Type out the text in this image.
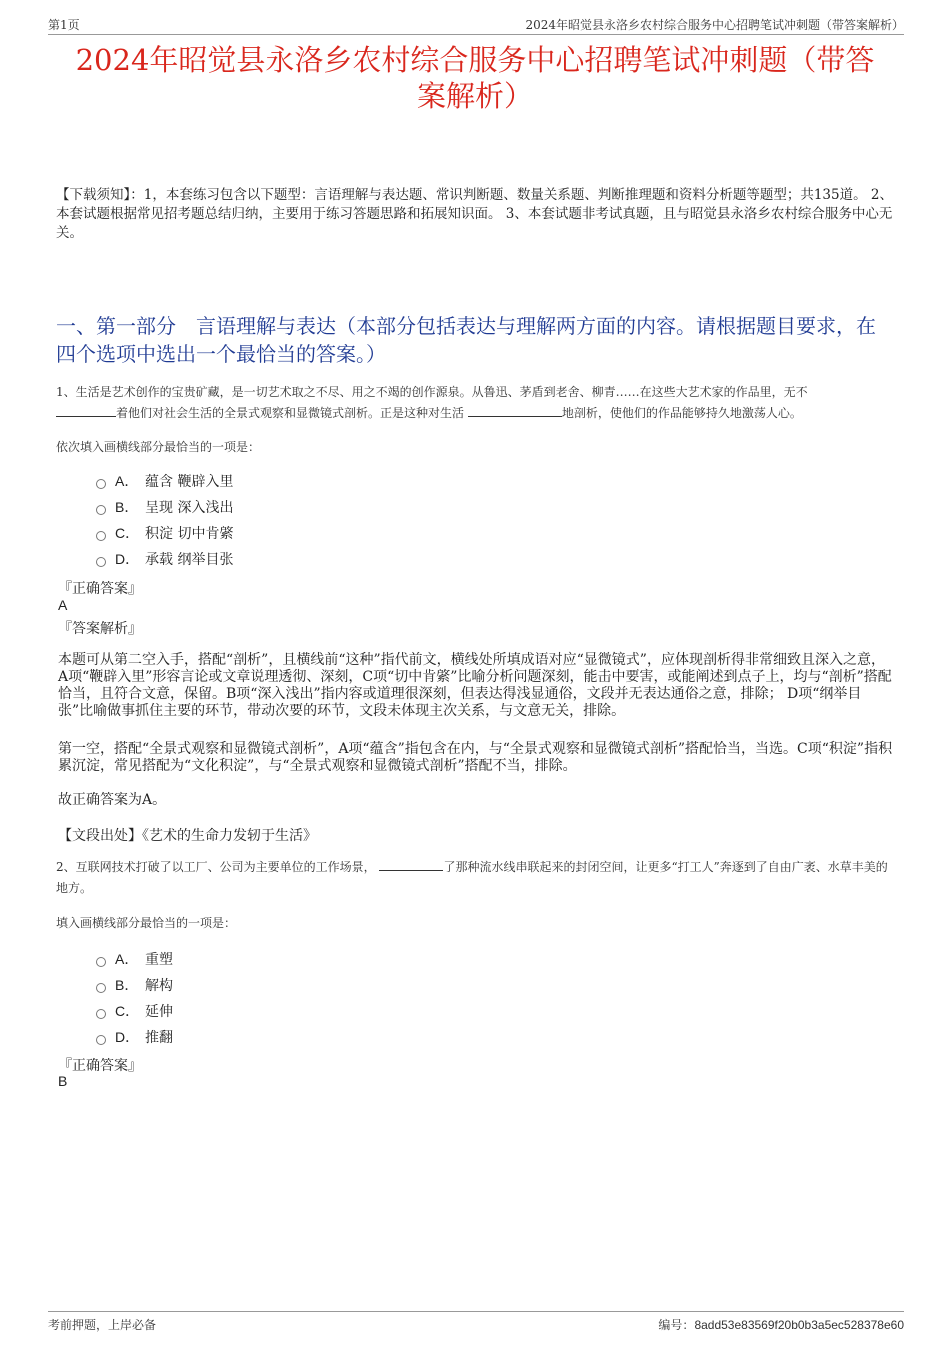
第1页	2024年昭觉县永洛乡农村综合服务中心招聘笔试冲刺题（带答案解析）
2024年昭觉县永洛乡农村综合服务中心招聘笔试冲刺题（带答
案解析）
【下载须知】：1，本套练习包含以下题型：言语理解与表达题、常识判断题、数量关系题、判断推理题和资料分析题等题型；共135道。 2、本套试题根据常见招考题总结归纳，主要用于练习答题思路和拓展知识面。 3、本套试题非考试真题，且与昭觉县永洛乡农村综合服务中心无关。
一、第一部分　言语理解与表达（本部分包括表达与理解两方面的内容。请根据题目要求，在四个选项中选出一个最恰当的答案。）
1、生活是艺术创作的宝贵矿藏，是一切艺术取之不尽、用之不竭的创作源泉。从鲁迅、茅盾到老舍、柳青……在这些大艺术家的作品里，无不
着他们对社会生活的全景式观察和显微镜式剖析。正是这种对生活	地剖析，使他们的作品能够持久地激荡人心。
依次填入画横线部分最恰当的一项是：
A． 蕴含 鞭辟入里
B． 呈现 深入浅出
C． 积淀 切中肯綮
D． 承载 纲举目张
『正确答案』
A
『答案解析』
本题可从第二空入手，搭配“剖析”，且横线前“这种”指代前文，横线处所填成语对应“显微镜式”，应体现剖析得非常细致且深入之意，A项“鞭辟入里”形容言论或文章说理透彻、深刻，C项“切中肯綮”比喻分析问题深刻，能击中要害，或能阐述到点子上，均与“剖析”搭配恰当，且符合文意，保留。B项“深入浅出”指内容或道理很深刻，但表达得浅显通俗，文段并无表达通俗之意，排除； D项“纲举目张”比喻做事抓住主要的环节，带动次要的环节，文段未体现主次关系，与文意无关，排除。
第一空，搭配“全景式观察和显微镜式剖析”，A项“蕴含”指包含在内，与“全景式观察和显微镜式剖析”搭配恰当，当选。C项“积淀”指积累沉淀，常见搭配为“文化积淀”，与“全景式观察和显微镜式剖析”搭配不当，排除。
故正确答案为A。
【文段出处】《艺术的生命力发轫于生活》
2、互联网技术打破了以工厂、公司为主要单位的工作场景，	了那种流水线串联起来的封闭空间，让更多“打工人”奔逐到了自由广袤、水草丰美的地方。
填入画横线部分最恰当的一项是：
A． 重塑
B． 解构
C． 延伸
D． 推翻
『正确答案』
B
考前押题，上岸必备	编号：8add53e83569f20b0b3a5ec528378e60
